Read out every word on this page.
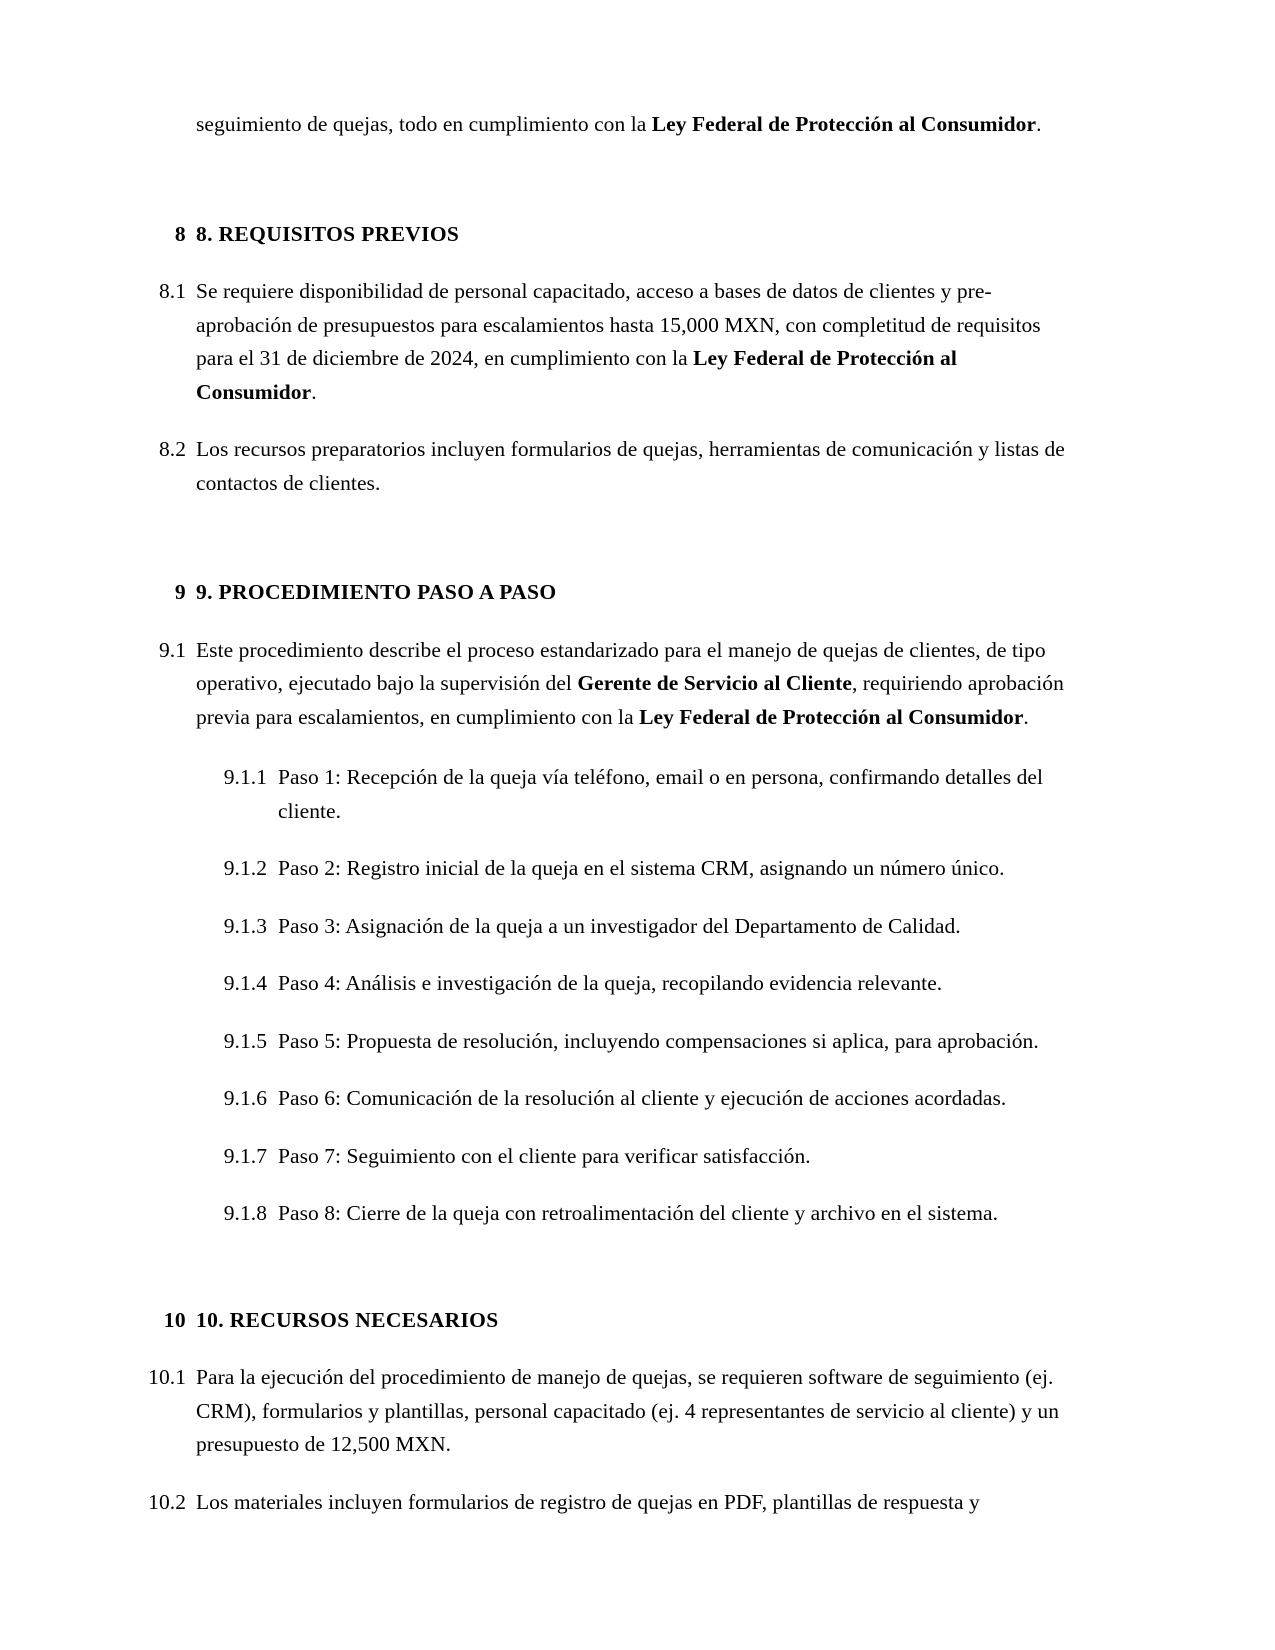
seguimiento de quejas, todo en cumplimiento con la Ley Federal de Protección al Consumidor.
8 8. REQUISITOS PREVIOS
8.1 Se requiere disponibilidad de personal capacitado, acceso a bases de datos de clientes y pre-aprobación de presupuestos para escalamientos hasta 15,000 MXN, con completitud de requisitos para el 31 de diciembre de 2024, en cumplimiento con la Ley Federal de Protección al Consumidor.
8.2 Los recursos preparatorios incluyen formularios de quejas, herramientas de comunicación y listas de contactos de clientes.
9 9. PROCEDIMIENTO PASO A PASO
9.1 Este procedimiento describe el proceso estandarizado para el manejo de quejas de clientes, de tipo operativo, ejecutado bajo la supervisión del Gerente de Servicio al Cliente, requiriendo aprobación previa para escalamientos, en cumplimiento con la Ley Federal de Protección al Consumidor.
9.1.1 Paso 1: Recepción de la queja vía teléfono, email o en persona, confirmando detalles del cliente.
9.1.2 Paso 2: Registro inicial de la queja en el sistema CRM, asignando un número único.
9.1.3 Paso 3: Asignación de la queja a un investigador del Departamento de Calidad.
9.1.4 Paso 4: Análisis e investigación de la queja, recopilando evidencia relevante.
9.1.5 Paso 5: Propuesta de resolución, incluyendo compensaciones si aplica, para aprobación.
9.1.6 Paso 6: Comunicación de la resolución al cliente y ejecución de acciones acordadas.
9.1.7 Paso 7: Seguimiento con el cliente para verificar satisfacción.
9.1.8 Paso 8: Cierre de la queja con retroalimentación del cliente y archivo en el sistema.
10 10. RECURSOS NECESARIOS
10.1 Para la ejecución del procedimiento de manejo de quejas, se requieren software de seguimiento (ej. CRM), formularios y plantillas, personal capacitado (ej. 4 representantes de servicio al cliente) y un presupuesto de 12,500 MXN.
10.2 Los materiales incluyen formularios de registro de quejas en PDF, plantillas de respuesta y
